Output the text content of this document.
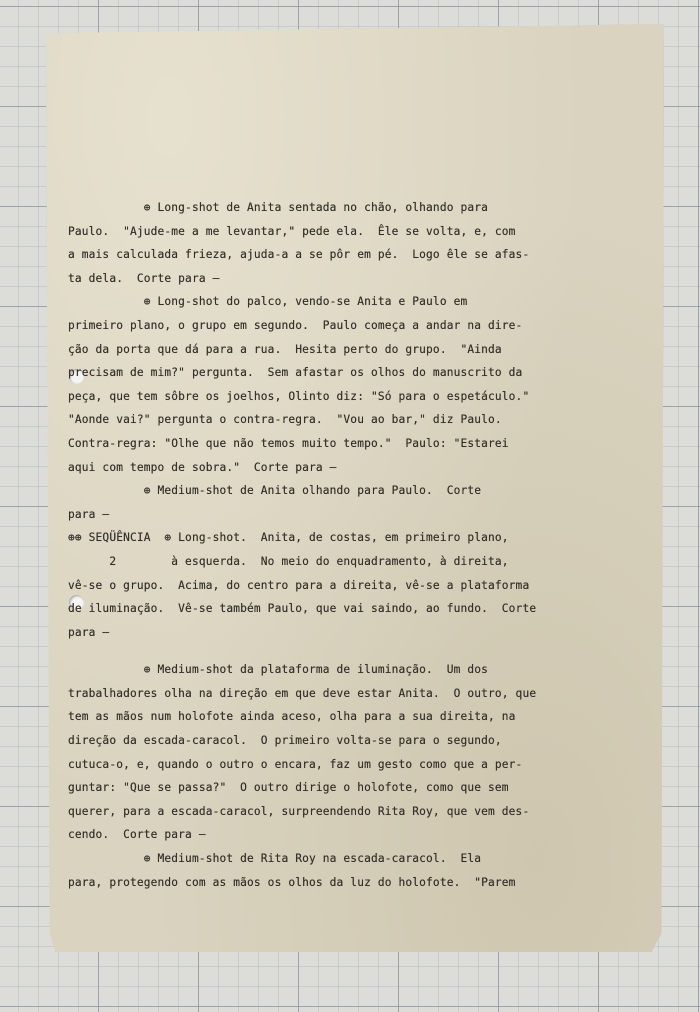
⊕ Long-shot de Anita sentada no chão, olhando para
Paulo.  "Ajude-me a me levantar," pede ela.  Êle se volta, e, com
a mais calculada frieza, ajuda-a a se pôr em pé.  Logo êle se afas-
ta dela.  Corte para —
⊕ Long-shot do palco, vendo-se Anita e Paulo em
primeiro plano, o grupo em segundo.  Paulo começa a andar na dire-
ção da porta que dá para a rua.  Hesita perto do grupo.  "Ainda
precisam de mim?" pergunta.  Sem afastar os olhos do manuscrito da
peça, que tem sôbre os joelhos, Olinto diz: "Só para o espetáculo."
"Aonde vai?" pergunta o contra-regra.  "Vou ao bar," diz Paulo.
Contra-regra: "Olhe que não temos muito tempo."  Paulo: "Estarei
aqui com tempo de sobra."  Corte para —
⊕ Medium-shot de Anita olhando para Paulo.  Corte
para —
⊕⊕ SEQÜÊNCIA  ⊕ Long-shot.  Anita, de costas, em primeiro plano,
2        à esquerda.  No meio do enquadramento, à direita,
vê-se o grupo.  Acima, do centro para a direita, vê-se a plataforma
de iluminação.  Vê-se também Paulo, que vai saindo, ao fundo.  Corte
para —
⊕ Medium-shot da plataforma de iluminação.  Um dos
trabalhadores olha na direção em que deve estar Anita.  O outro, que
tem as mãos num holofote ainda aceso, olha para a sua direita, na
direção da escada-caracol.  O primeiro volta-se para o segundo,
cutuca-o, e, quando o outro o encara, faz um gesto como que a per-
guntar: "Que se passa?"  O outro dirige o holofote, como que sem
querer, para a escada-caracol, surpreendendo Rita Roy, que vem des-
cendo.  Corte para —
⊕ Medium-shot de Rita Roy na escada-caracol.  Ela
para, protegendo com as mãos os olhos da luz do holofote.  "Parem
